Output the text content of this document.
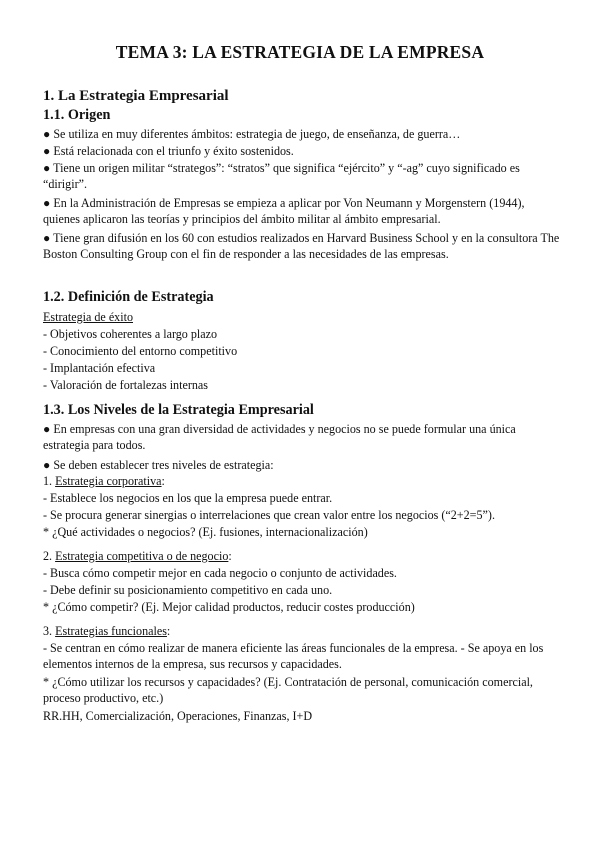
TEMA 3: LA ESTRATEGIA DE LA EMPRESA
1. La Estrategia Empresarial
1.1. Origen
● Se utiliza en muy diferentes ámbitos: estrategia de juego, de enseñanza, de guerra…
● Está relacionada con el triunfo y éxito sostenidos.
● Tiene un origen militar “strategos”: “stratos” que significa “ejército” y “-ag” cuyo significado es “dirigir”.
● En la Administración de Empresas se empieza a aplicar por Von Neumann y Morgenstern (1944), quienes aplicaron las teorías y principios del ámbito militar al ámbito empresarial.
● Tiene gran difusión en los 60 con estudios realizados en Harvard Business School y en la consultora The Boston Consulting Group con el fin de responder a las necesidades de las empresas.
1.2. Definición de Estrategia
Estrategia de éxito
- Objetivos coherentes a largo plazo
- Conocimiento del entorno competitivo
- Implantación efectiva
- Valoración de fortalezas internas
1.3. Los Niveles de la Estrategia Empresarial
● En empresas con una gran diversidad de actividades y negocios no se puede formular una única estrategia para todos.
● Se deben establecer tres niveles de estrategia:
1. Estrategia corporativa:
- Establece los negocios en los que la empresa puede entrar.
- Se procura generar sinergias o interrelaciones que crean valor entre los negocios (“2+2=5”).
* ¿Qué actividades o negocios? (Ej. fusiones, internacionalización)
2. Estrategia competitiva o de negocio:
- Busca cómo competir mejor en cada negocio o conjunto de actividades.
- Debe definir su posicionamiento competitivo en cada uno.
* ¿Cómo competir? (Ej. Mejor calidad productos, reducir costes producción)
3. Estrategias funcionales:
- Se centran en cómo realizar de manera eficiente las áreas funcionales de la empresa. - Se apoya en los elementos internos de la empresa, sus recursos y capacidades.
* ¿Cómo utilizar los recursos y capacidades? (Ej. Contratación de personal, comunicación comercial, proceso productivo, etc.)
RR.HH, Comercialización, Operaciones, Finanzas, I+D
